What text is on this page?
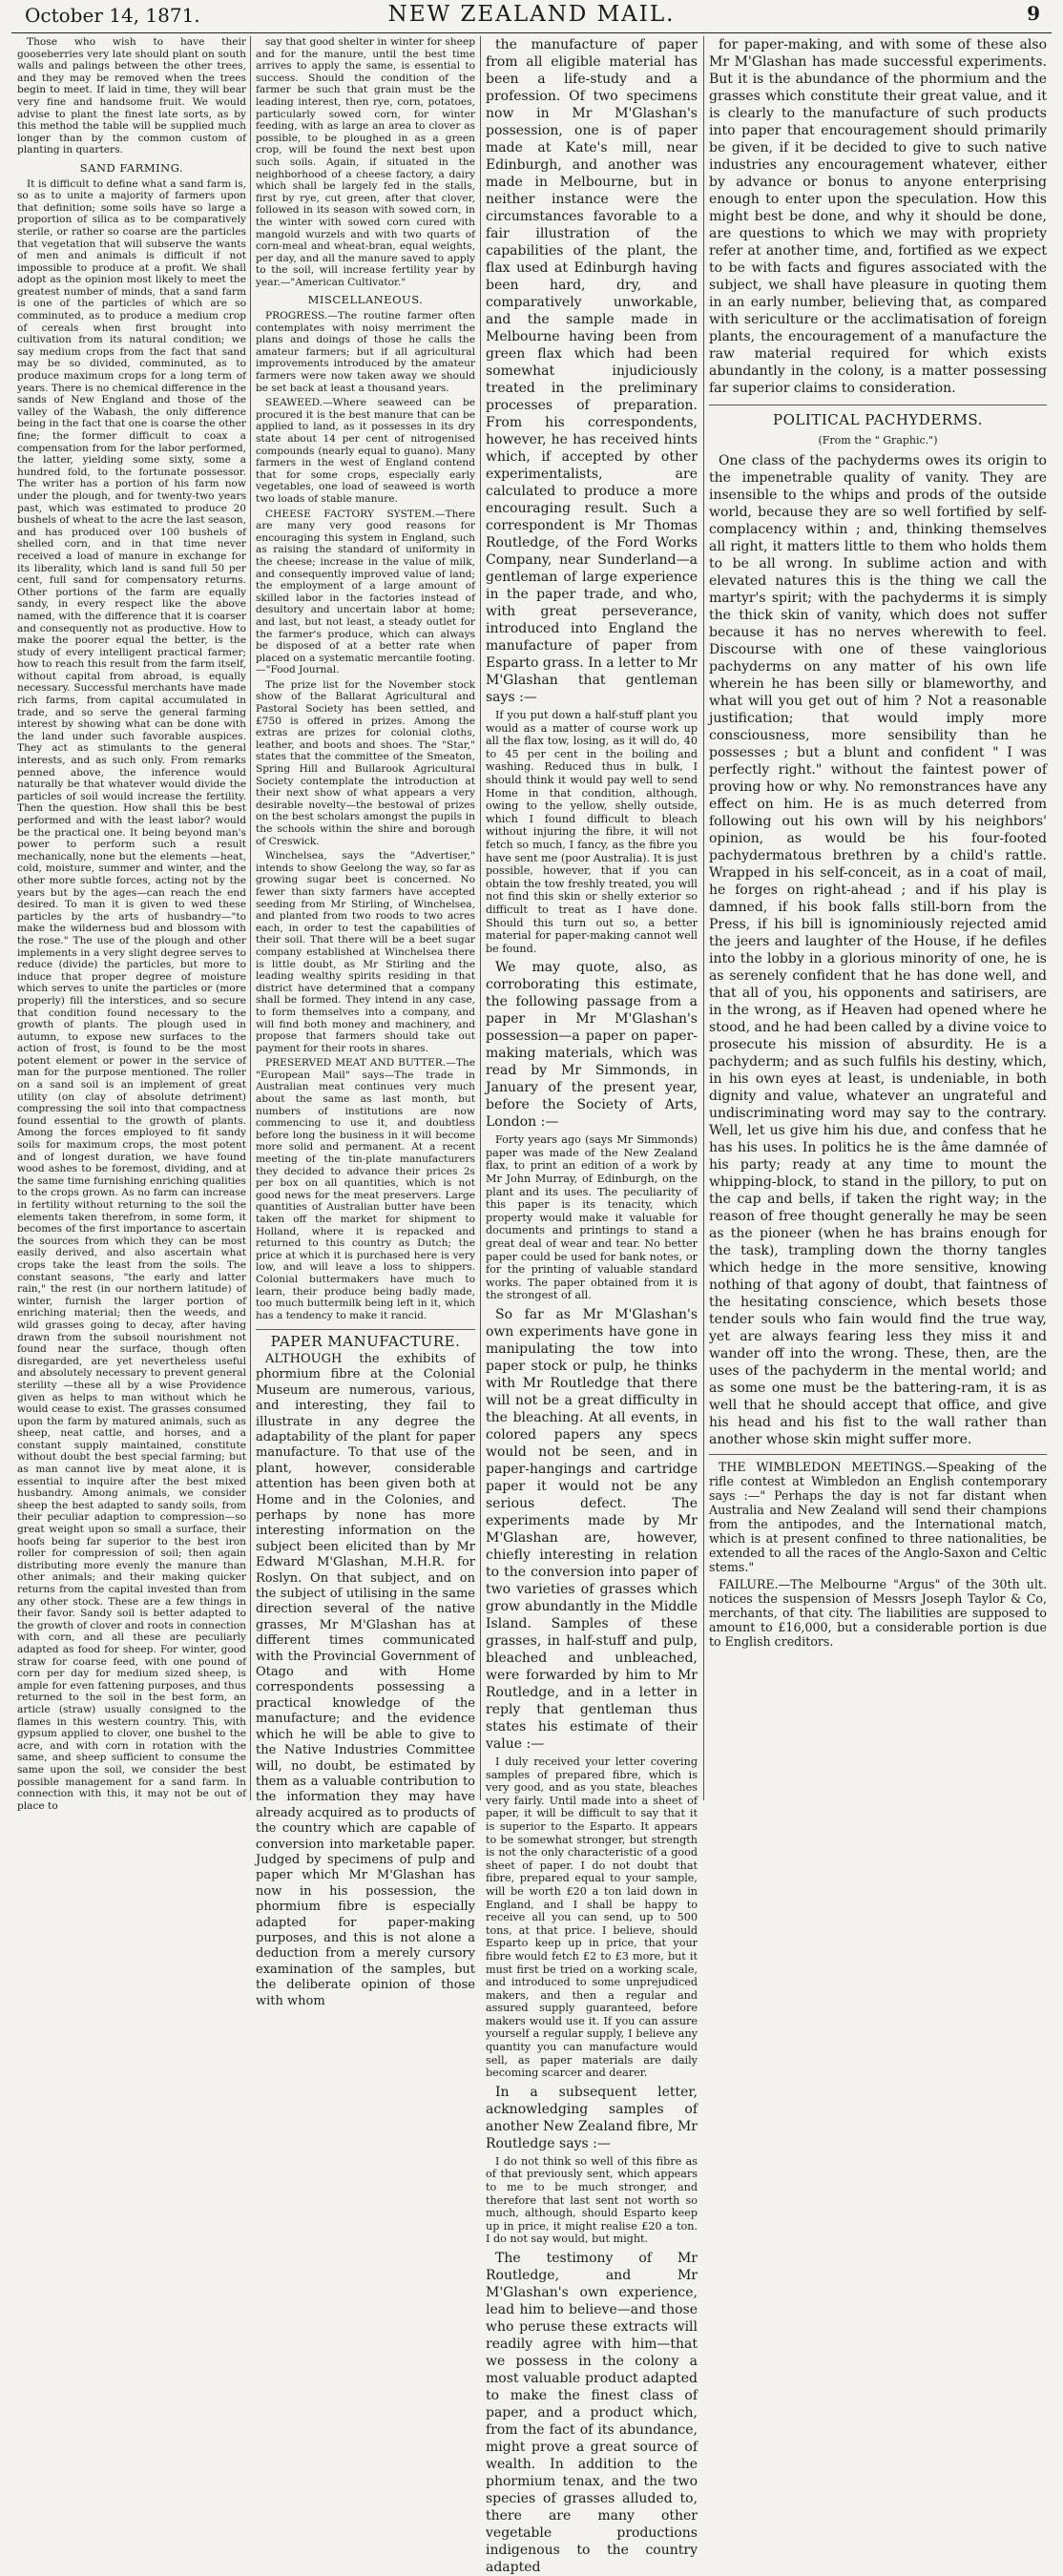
October 14, 1871.	NEW ZEALAND MAIL.	9

Those who wish to have their gooseberries very late should plant on south walls and palings between the other trees, and they may be removed when the trees begin to meet. If laid in time, they will bear very fine and handsome fruit. We would advise to plant the finest late sorts, as by this method the table will be supplied much longer than by the common custom of planting in quarters.

SAND FARMING.

It is difficult to define what a sand farm is, so as to unite a majority of farmers upon that definition; some soils have so large a proportion of silica as to be comparatively sterile, or rather so coarse are the particles that vegetation that will subserve the wants of men and animals is difficult if not impossible to produce at a profit. We shall adopt as the opinion most likely to meet the greatest number of minds, that a sand farm is one of the particles of which are so comminuted, as to produce a medium crop of cereals when first brought into cultivation from its natural condition; we say medium crops from the fact that sand may be so divided, comminuted, as to produce maximum crops for a long term of years. There is no chemical difference in the sands of New England and those of the valley of the Wabash, the only difference being in the fact that one is coarse the other fine; the former difficult to coax a compensation from for the labor performed, the latter, yielding some sixty, some a hundred fold, to the fortunate possessor. The writer has a portion of his farm now under the plough, and for twenty-two years past, which was estimated to produce 20 bushels of wheat to the acre the last season, and has produced over 100 bushels of shelled corn, and in that time never received a load of manure in exchange for its liberality, which land is sand full 50 per cent, full sand for compensatory returns. Other portions of the farm are equally sandy, in every respect like the above named, with the difference that it is coarser and consequently not as productive. How to make the poorer equal the better, is the study of every intelligent practical farmer; how to reach this result from the farm itself, without capital from abroad, is equally necessary. Successful merchants have made rich farms, from capital accumulated in trade, and so serve the general farming interest by showing what can be done with the land under such favorable auspices. They act as stimulants to the general interests, and as such only. From remarks penned above, the inference would naturally be that whatever would divide the particles of soil would increase the fertility. Then the question. How shall this be best performed and with the least labor? would be the practical one. It being beyond man's power to perform such a result mechanically, none but the elements —heat, cold, moisture, summer and winter, and the other more subtle forces, acting not by the years but by the ages—can reach the end desired. To man it is given to wed these particles by the arts of husbandry—"to make the wilderness bud and blossom with the rose." The use of the plough and other implements in a very slight degree serves to reduce (divide) the particles, but more to induce that proper degree of moisture which serves to unite the particles or (more properly) fill the interstices, and so secure that condition found necessary to the growth of plants. The plough used in autumn, to expose new surfaces to the action of frost, is found to be the most potent element or power in the service of man for the purpose mentioned. The roller on a sand soil is an implement of great utility (on clay of absolute detriment) compressing the soil into that compactness found essential to the growth of plants. Among the forces employed to fit sandy soils for maximum crops, the most potent and of longest duration, we have found wood ashes to be foremost, dividing, and at the same time furnishing enriching qualities to the crops grown. As no farm can increase in fertility without returning to the soil the elements taken therefrom, in some form, it becomes of the first importance to ascertain the sources from which they can be most easily derived, and also ascertain what crops take the least from the soils. The constant seasons, "the early and latter rain," the rest (in our northern latitude) of winter, furnish the larger portion of enriching material; then the weeds, and wild grasses going to decay, after having drawn from the subsoil nourishment not found near the surface, though often disregarded, are yet nevertheless useful and absolutely necessary to prevent general sterility —these all by a wise Providence given as helps to man without which he would cease to exist. The grasses consumed upon the farm by matured animals, such as sheep, neat cattle, and horses, and a constant supply maintained, constitute without doubt the best special farming; but as man cannot live by meat alone, it is essential to inquire after the best mixed husbandry. Among animals, we consider sheep the best adapted to sandy soils, from their peculiar adaption to compression—so great weight upon so small a surface, their hoofs being far superior to the best iron roller for compression of soil; then again distributing more evenly the manure than other animals; and their making quicker returns from the capital invested than from any other stock. These are a few things in their favor. Sandy soil is better adapted to the growth of clover and roots in connection with corn, and all these are peculiarly adapted as food for sheep. For winter, good straw for coarse feed, with one pound of corn per day for medium sized sheep, is ample for even fattening purposes, and thus returned to the soil in the best form, an article (straw) usually consigned to the flames in this western country. This, with gypsum applied to clover, one bushel to the acre, and with corn in rotation with the same, and sheep sufficient to consume the same upon the soil, we consider the best possible management for a sand farm. In connection with this, it may not be out of place to

say that good shelter in winter for sheep and for the manure, until the best time arrives to apply the same, is essential to success. Should the condition of the farmer be such that grain must be the leading interest, then rye, corn, potatoes, particularly sowed corn, for winter feeding, with as large an area to clover as possible, to be ploughed in as a green crop, will be found the next best upon such soils. Again, if situated in the neighborhood of a cheese factory, a dairy which shall be largely fed in the stalls, first by rye, cut green, after that clover, followed in its season with sowed corn, in the winter with sowed corn cured with mangold wurzels and with two quarts of corn-meal and wheat-bran, equal weights, per day, and all the manure saved to apply to the soil, will increase fertility year by year.—"American Cultivator."

MISCELLANEOUS.

PROGRESS.—The routine farmer often contemplates with noisy merriment the plans and doings of those he calls the amateur farmers; but if all agricultural improvements introduced by the amateur farmers were now taken away we should be set back at least a thousand years.

SEAWEED.—Where seaweed can be procured it is the best manure that can be applied to land, as it possesses in its dry state about 14 per cent of nitrogenised compounds (nearly equal to guano). Many farmers in the west of England contend that for some crops, especially early vegetables, one load of seaweed is worth two loads of stable manure.

CHEESE FACTORY SYSTEM.—There are many very good reasons for encouraging this system in England, such as raising the standard of uniformity in the cheese; increase in the value of milk, and consequently improved value of land; the employment of a large amount of skilled labor in the factories instead of desultory and uncertain labor at home; and last, but not least, a steady outlet for the farmer's produce, which can always be disposed of at a better rate when placed on a systematic mercantile footing.—"Food Journal.

The prize list for the November stock show of the Ballarat Agricultural and Pastoral Society has been settled, and £750 is offered in prizes. Among the extras are prizes for colonial cloths, leather, and boots and shoes. The "Star," states that the committee of the Smeaton, Spring Hill and Bullarook Agricultural Society contemplate the introduction at their next show of what appears a very desirable novelty—the bestowal of prizes on the best scholars amongst the pupils in the schools within the shire and borough of Creswick.

Winchelsea, says the "Advertiser," intends to show Geelong the way, so far as growing sugar beet is concerned. No fewer than sixty farmers have accepted seeding from Mr Stirling, of Winchelsea, and planted from two roods to two acres each, in order to test the capabilities of their soil. That there will be a beet sugar company established at Winchelsea there is little doubt, as Mr Stirling and the leading wealthy spirits residing in that district have determined that a company shall be formed. They intend in any case, to form themselves into a company, and will find both money and machinery, and propose that farmers should take out payment for their roots in shares.

PRESERVED MEAT AND BUTTER.—The "European Mail" says—The trade in Australian meat continues very much about the same as last month, but numbers of institutions are now commencing to use it, and doubtless before long the business in it will become more solid and permanent. At a recent meeting of the tin-plate manufacturers they decided to advance their prices 2s per box on all quantities, which is not good news for the meat preservers. Large quantities of Australian butter have been taken off the market for shipment to Holland, where it is repacked and returned to this country as Dutch; the price at which it is purchased here is very low, and will leave a loss to shippers. Colonial buttermakers have much to learn, their produce being badly made, too much buttermilk being left in it, which has a tendency to make it rancid.

PAPER MANUFACTURE.

ALTHOUGH the exhibits of phormium fibre at the Colonial Museum are numerous, various, and interesting, they fail to illustrate in any degree the adaptability of the plant for paper manufacture. To that use of the plant, however, considerable attention has been given both at Home and in the Colonies, and perhaps by none has more interesting information on the subject been elicited than by Mr Edward M'Glashan, M.H.R. for Roslyn. On that subject, and on the subject of utilising in the same direction several of the native grasses, Mr M'Glashan has at different times communicated with the Provincial Government of Otago and with Home correspondents possessing a practical knowledge of the manufacture; and the evidence which he will be able to give to the Native Industries Committee will, no doubt, be estimated by them as a valuable contribution to the information they may have already acquired as to products of the country which are capable of conversion into marketable paper. Judged by specimens of pulp and paper which Mr M'Glashan has now in his possession, the phormium fibre is especially adapted for paper-making purposes, and this is not alone a deduction from a merely cursory examination of the samples, but the deliberate opinion of those with whom

the manufacture of paper from all eligible material has been a life-study and a profession. Of two specimens now in Mr M'Glashan's possession, one is of paper made at Kate's mill, near Edinburgh, and another was made in Melbourne, but in neither instance were the circumstances favorable to a fair illustration of the capabilities of the plant, the flax used at Edinburgh having been hard, dry, and comparatively unworkable, and the sample made in Melbourne having been from green flax which had been somewhat injudiciously treated in the preliminary processes of preparation. From his correspondents, however, he has received hints which, if accepted by other experimentalists, are calculated to produce a more encouraging result. Such a correspondent is Mr Thomas Routledge, of the Ford Works Company, near Sunderland—a gentleman of large experience in the paper trade, and who, with great perseverance, introduced into England the manufacture of paper from Esparto grass. In a letter to Mr M'Glashan that gentleman says :—

If you put down a half-stuff plant you would as a matter of course work up all the flax tow, losing, as it will do, 40 to 45 per cent in the boiling and washing. Reduced thus in bulk, I should think it would pay well to send Home in that condition, although, owing to the yellow, shelly outside, which I found difficult to bleach without injuring the fibre, it will not fetch so much, I fancy, as the fibre you have sent me (poor Australia). It is just possible, however, that if you can obtain the tow freshly treated, you will not find this skin or shelly exterior so difficult to treat as I have done. Should this turn out so, a better material for paper-making cannot well be found.

We may quote, also, as corroborating this estimate, the following passage from a paper in Mr M'Glashan's possession—a paper on paper-making materials, which was read by Mr Simmonds, in January of the present year, before the Society of Arts, London :—

Forty years ago (says Mr Simmonds) paper was made of the New Zealand flax, to print an edition of a work by Mr John Murray, of Edinburgh, on the plant and its uses. The peculiarity of this paper is its tenacity, which property would make it valuable for documents and printings to stand a great deal of wear and tear. No better paper could be used for bank notes, or for the printing of valuable standard works. The paper obtained from it is the strongest of all.

So far as Mr M'Glashan's own experiments have gone in manipulating the tow into paper stock or pulp, he thinks with Mr Routledge that there will not be a great difficulty in the bleaching. At all events, in colored papers any specs would not be seen, and in paper-hangings and cartridge paper it would not be any serious defect. The experiments made by Mr M'Glashan are, however, chiefly interesting in relation to the conversion into paper of two varieties of grasses which grow abundantly in the Middle Island. Samples of these grasses, in half-stuff and pulp, bleached and unbleached, were forwarded by him to Mr Routledge, and in a letter in reply that gentleman thus states his estimate of their value :—

I duly received your letter covering samples of prepared fibre, which is very good, and as you state, bleaches very fairly. Until made into a sheet of paper, it will be difficult to say that it is superior to the Esparto. It appears to be somewhat stronger, but strength is not the only characteristic of a good sheet of paper. I do not doubt that fibre, prepared equal to your sample, will be worth £20 a ton laid down in England, and I shall be happy to receive all you can send, up to 500 tons, at that price. I believe, should Esparto keep up in price, that your fibre would fetch £2 to £3 more, but it must first be tried on a working scale, and introduced to some unprejudiced makers, and then a regular and assured supply guaranteed, before makers would use it. If you can assure yourself a regular supply, I believe any quantity you can manufacture would sell, as paper materials are daily becoming scarcer and dearer.

In a subsequent letter, acknowledging samples of another New Zealand fibre, Mr Routledge says :—

I do not think so well of this fibre as of that previously sent, which appears to me to be much stronger, and therefore that last sent not worth so much, although, should Esparto keep up in price, it might realise £20 a ton. I do not say would, but might.

The testimony of Mr Routledge, and Mr M'Glashan's own experience, lead him to believe—and those who peruse these extracts will readily agree with him—that we possess in the colony a most valuable product adapted to make the finest class of paper, and a product which, from the fact of its abundance, might prove a great source of wealth. In addition to the phormium tenax, and the two species of grasses alluded to, there are many other vegetable productions indigenous to the country adapted

for paper-making, and with some of these also Mr M'Glashan has made successful experiments. But it is the abundance of the phormium and the grasses which constitute their great value, and it is clearly to the manufacture of such products into paper that encouragement should primarily be given, if it be decided to give to such native industries any encouragement whatever, either by advance or bonus to anyone enterprising enough to enter upon the speculation. How this might best be done, and why it should be done, are questions to which we may with propriety refer at another time, and, fortified as we expect to be with facts and figures associated with the subject, we shall have pleasure in quoting them in an early number, believing that, as compared with sericulture or the acclimatisation of foreign plants, the encouragement of a manufacture the raw material required for which exists abundantly in the colony, is a matter possessing far superior claims to consideration.

POLITICAL PACHYDERMS.
(From the " Graphic.")

One class of the pachyderms owes its origin to the impenetrable quality of vanity. They are insensible to the whips and prods of the outside world, because they are so well fortified by self-complacency within ; and, thinking themselves all right, it matters little to them who holds them to be all wrong. In sublime action and with elevated natures this is the thing we call the martyr's spirit; with the pachyderms it is simply the thick skin of vanity, which does not suffer because it has no nerves wherewith to feel. Discourse with one of these vainglorious pachyderms on any matter of his own life wherein he has been silly or blameworthy, and what will you get out of him ? Not a reasonable justification; that would imply more consciousness, more sensibility than he possesses ; but a blunt and confident " I was perfectly right." without the faintest power of proving how or why. No remonstrances have any effect on him. He is as much deterred from following out his own will by his neighbors' opinion, as would be his four-footed pachydermatous brethren by a child's rattle. Wrapped in his self-conceit, as in a coat of mail, he forges on right-ahead ; and if his play is damned, if his book falls still-born from the Press, if his bill is ignominiously rejected amid the jeers and laughter of the House, if he defiles into the lobby in a glorious minority of one, he is as serenely confident that he has done well, and that all of you, his opponents and satirisers, are in the wrong, as if Heaven had opened where he stood, and he had been called by a divine voice to prosecute his mission of absurdity. He is a pachyderm; and as such fulfils his destiny, which, in his own eyes at least, is undeniable, in both dignity and value, whatever an ungrateful and undiscriminating word may say to the contrary. Well, let us give him his due, and confess that he has his uses. In politics he is the âme damnée of his party; ready at any time to mount the whipping-block, to stand in the pillory, to put on the cap and bells, if taken the right way; in the reason of free thought generally he may be seen as the pioneer (when he has brains enough for the task), trampling down the thorny tangles which hedge in the more sensitive, knowing nothing of that agony of doubt, that faintness of the hesitating conscience, which besets those tender souls who fain would find the true way, yet are always fearing less they miss it and wander off into the wrong. These, then, are the uses of the pachyderm in the mental world; and as some one must be the battering-ram, it is as well that he should accept that office, and give his head and his fist to the wall rather than another whose skin might suffer more.

THE WIMBLEDON MEETINGS.—Speaking of the rifle contest at Wimbledon an English contemporary says :—" Perhaps the day is not far distant when Australia and New Zealand will send their champions from the antipodes, and the International match, which is at present confined to three nationalities, be extended to all the races of the Anglo-Saxon and Celtic stems."

FAILURE.—The Melbourne "Argus" of the 30th ult. notices the suspension of Messrs Joseph Taylor & Co, merchants, of that city. The liabilities are supposed to amount to £16,000, but a considerable portion is due to English creditors.
